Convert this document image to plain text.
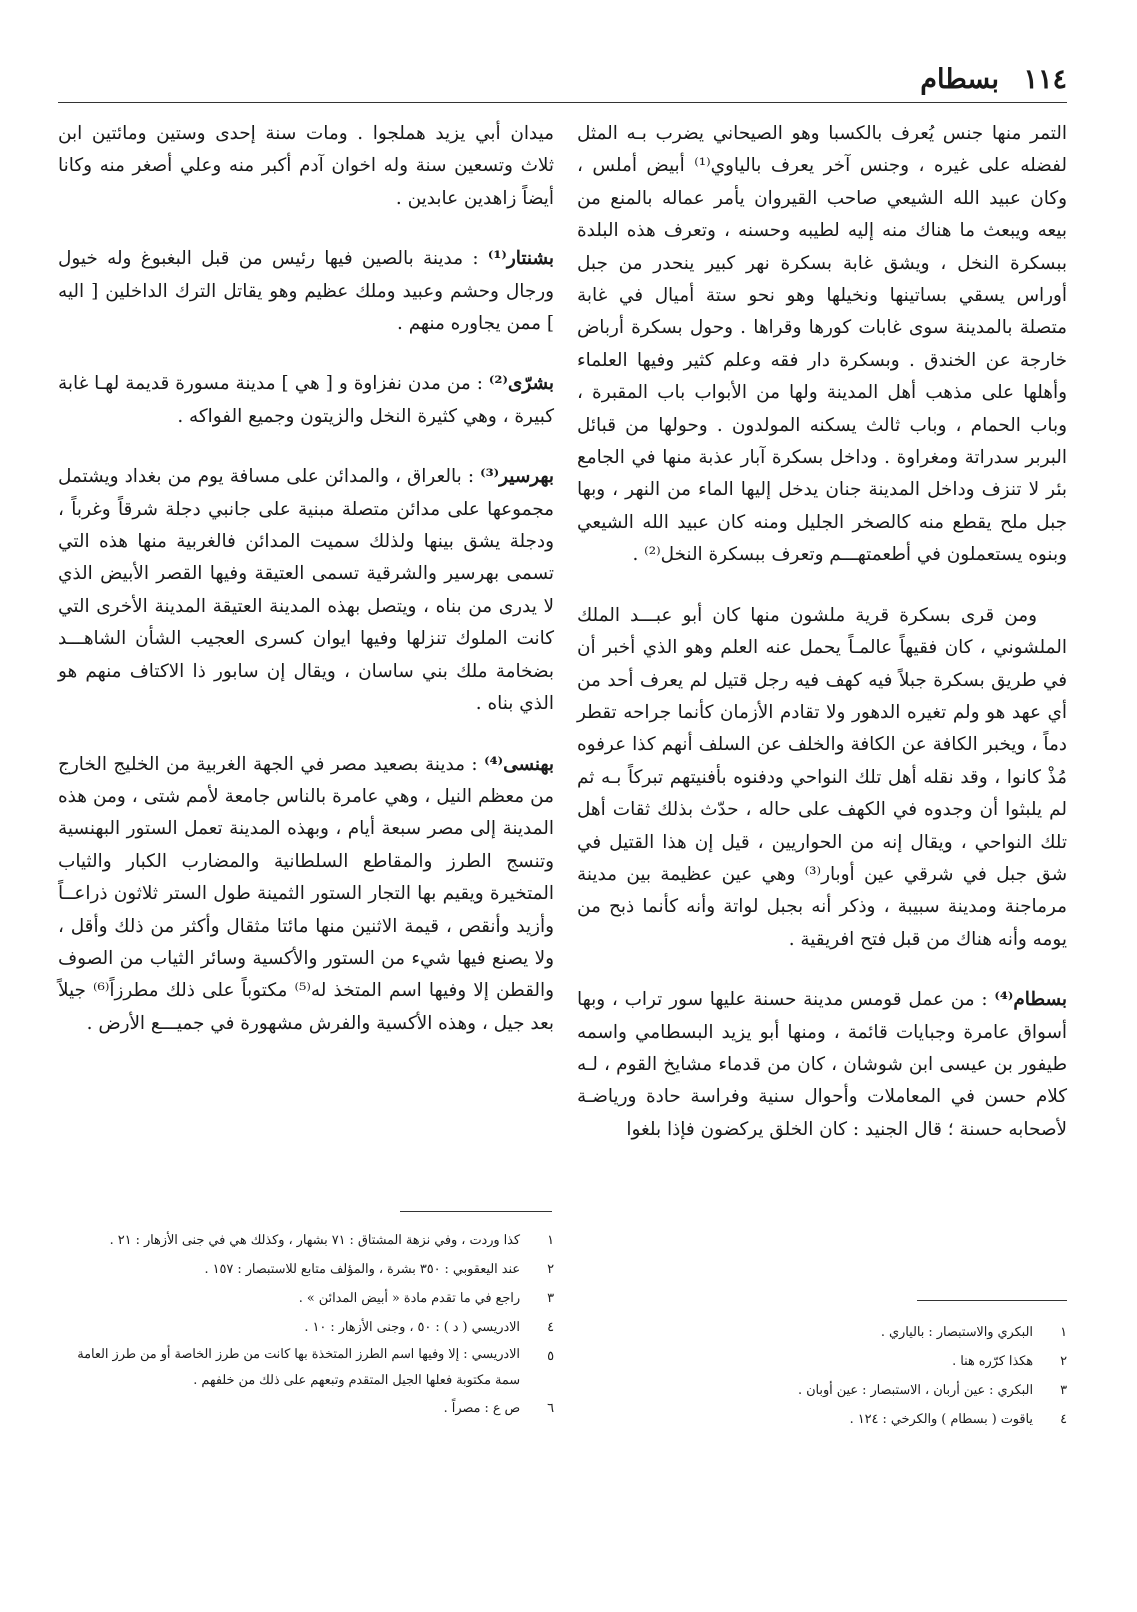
١١٤
بسطام

التمر منها جنس يُعرف بالكسبا وهو الصيحاني يضرب بـه المثل لفضله على غيره ، وجنس آخر يعرف بالياوي⁽¹⁾ أبيض أملس ، وكان عبيد الله الشيعي صاحب القيروان يأمر عماله بالمنع من بيعه ويبعث ما هناك منه إليه لطيبه وحسنه ، وتعرف هذه البلدة ببسكرة النخل ، ويشق غابة بسكرة نهر كبير ينحدر من جبل أوراس يسقي بساتينها ونخيلها وهو نحو ستة أميال في غابة متصلة بالمدينة سوى غابات كورها وقراها . وحول بسكرة أرباض خارجة عن الخندق . وبسكرة دار فقه وعلم كثير وفيها العلماء وأهلها على مذهب أهل المدينة ولها من الأبواب باب المقبرة ، وباب الحمام ، وباب ثالث يسكنه المولدون . وحولها من قبائل البربر سدراتة ومغراوة . وداخل بسكرة آبار عذبة منها في الجامع بئر لا تنزف وداخل المدينة جنان يدخل إليها الماء من النهر ، وبها جبل ملح يقطع منه كالصخر الجليل ومنه كان عبيد الله الشيعي وبنوه يستعملون في أطعمتهـــم وتعرف ببسكرة النخل⁽²⁾ .

ومن قرى بسكرة قرية ملشون منها كان أبو عبـــد الملك الملشوني ، كان فقيهاً عالمـاً يحمل عنه العلم وهو الذي أخبر أن في طريق بسكرة جبلاً فيه كهف فيه رجل قتيل لم يعرف أحد من أي عهد هو ولم تغيره الدهور ولا تقادم الأزمان كأنما جراحه تقطر دماً ، ويخبر الكافة عن الكافة والخلف عن السلف أنهم كذا عرفوه مُذْ كانوا ، وقد نقله أهل تلك النواحي ودفنوه بأفنيتهم تبركاً بـه ثم لم يلبثوا أن وجدوه في الكهف على حاله ، حدّث بذلك ثقات أهل تلك النواحي ، ويقال إنه من الحواريين ، قيل إن هذا القتيل في شق جبل في شرقي عين أوبار⁽³⁾ وهي عين عظيمة بين مدينة مرماجنة ومدينة سبيبة ، وذكر أنه بجبل لواتة وأنه كأنما ذبح من يومه وأنه هناك من قبل فتح افريقية .

بسطام⁽⁴⁾ : من عمل قومس مدينة حسنة عليها سور تراب ، وبها أسواق عامرة وجبايات قائمة ، ومنها أبو يزيد البسطامي واسمه طيفور بن عيسى ابن شوشان ، كان من قدماء مشايخ القوم ، لـه كلام حسن في المعاملات وأحوال سنية وفراسة حادة ورياضـة لأصحابه حسنة ؛ قال الجنيد : كان الخلق يركضون فإذا بلغوا

ميدان أبي يزيد هملجوا . ومات سنة إحدى وستين ومائتين ابن ثلاث وتسعين سنة وله اخوان آدم أكبر منه وعلي أصغر منه وكانا أيضاً زاهدين عابدين .

بشنتار⁽¹⁾ : مدينة بالصين فيها رئيس من قبل البغبوغ وله خيول ورجال وحشم وعبيد وملك عظيم وهو يقاتل الترك الداخلين [ اليه ] ممن يجاوره منهم .

بشرّى⁽²⁾ : من مدن نفزاوة و [ هي ] مدينة مسورة قديمة لهـا غابة كبيرة ، وهي كثيرة النخل والزيتون وجميع الفواكه .

بهرسير⁽³⁾ : بالعراق ، والمدائن على مسافة يوم من بغداد ويشتمل مجموعها على مدائن متصلة مبنية على جانبي دجلة شرقاً وغرباً ، ودجلة يشق بينها ولذلك سميت المدائن فالغربية منها هذه التي تسمى بهرسير والشرقية تسمى العتيقة وفيها القصر الأبيض الذي لا يدرى من بناه ، ويتصل بهذه المدينة العتيقة المدينة الأخرى التي كانت الملوك تنزلها وفيها ايوان كسرى العجيب الشأن الشاهـــد بضخامة ملك بني ساسان ، ويقال إن سابور ذا الاكتاف منهم هو الذي بناه .

بهنسى⁽⁴⁾ : مدينة بصعيد مصر في الجهة الغربية من الخليج الخارج من معظم النيل ، وهي عامرة بالناس جامعة لأمم شتى ، ومن هذه المدينة إلى مصر سبعة أيام ، وبهذه المدينة تعمل الستور البهنسية وتنسج الطرز والمقاطع السلطانية والمضارب الكبار والثياب المتخيرة ويقيم بها التجار الستور الثمينة طول الستر ثلاثون ذراعــاً وأزيد وأنقص ، قيمة الاثنين منها مائتا مثقال وأكثر من ذلك وأقل ، ولا يصنع فيها شيء من الستور والأكسية وسائر الثياب من الصوف والقطن إلا وفيها اسم المتخذ له⁽⁵⁾ مكتوباً على ذلك مطرزاً⁽⁶⁾ جيلاً بعد جيل ، وهذه الأكسية والفرش مشهورة في جميـــع الأرض .

١
كذا وردت ، وفي نزهة المشتاق : ٧١ بشهار ، وكذلك هي في جنى الأزهار : ٢١ .
٢
عند اليعقوبي : ٣٥٠ بشرة ، والمؤلف متابع للاستبصار : ١٥٧ .
٣
راجع في ما تقدم مادة « أبيض المدائن » .
٤
الادريسي ( د ) : ٥٠ ، وجنى الأزهار : ١٠ .
٥
الادريسي : إلا وفيها اسم الطرز المتخذة بها كانت من طرز الخاصة أو من طرز العامة سمة مكتوبة فعلها الجيل المتقدم وتبعهم على ذلك من خلفهم .
٦
ص ع : مصراً .
١
البكري والاستبصار : بالياري .
٢
هكذا كرّره هنا .
٣
البكري : عين أربان ، الاستبصار : عين أوبان .
٤
ياقوت ( بسطام ) والكرخي : ١٢٤ .
